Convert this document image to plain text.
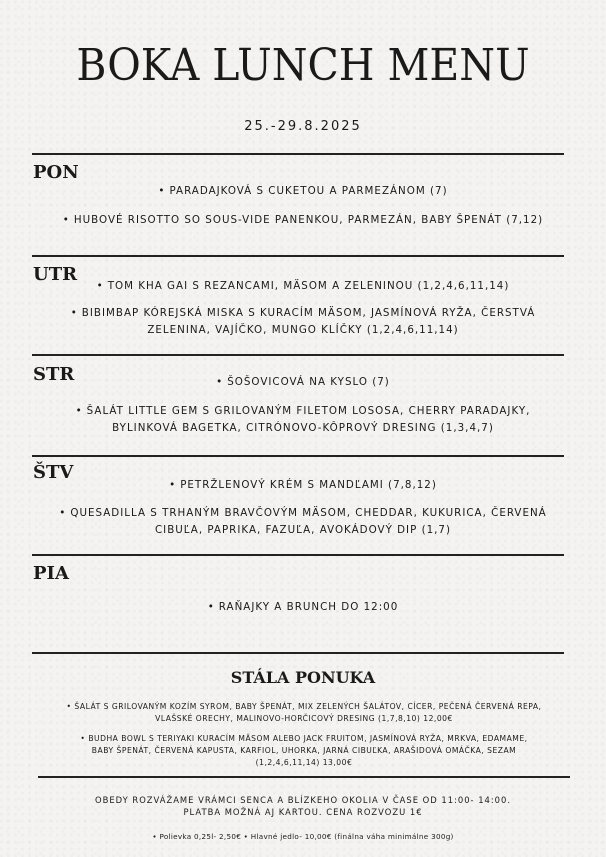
BOKA LUNCH MENU
25.-29.8.2025
PON
• PARADAJKOVÁ S CUKETOU A PARMEZÁNOM (7)
• HUBOVÉ RISOTTO SO SOUS-VIDE PANENKOU, PARMEZÁN, BABY ŠPENÁT (7,12)
UTR
• TOM KHA GAI S REZANCAMI, MÄSOM A ZELENINOU (1,2,4,6,11,14)
• BIBIMBAP KÓREJSKÁ MISKA S KURACÍM MÄSOM, JASMÍNOVÁ RYŽA, ČERSTVÁ
ZELENINA, VAJÍČKO, MUNGO KLÍČKY (1,2,4,6,11,14)
STR	• ŠOŠOVICOVÁ NA KYSLO (7)
• ŠALÁT LITTLE GEM S GRILOVANÝM FILETOM LOSOSA, CHERRY PARADAJKY,
BYLINKOVÁ BAGETKA, CITRÓNOVO-KÔPROVÝ DRESING (1,3,4,7)
ŠTV
• PETRŽLENOVÝ KRÉM S MANDĽAMI (7,8,12)
• QUESADILLA S TRHANÝM BRAVČOVÝM MÄSOM, CHEDDAR, KUKURICA, ČERVENÁ
CIBUĽA, PAPRIKA, FAZUĽA, AVOKÁDOVÝ DIP (1,7)
PIA
• RAŇAJKY A BRUNCH DO 12:00
STÁLA PONUKA
• ŠALÁT S GRILOVANÝM KOZÍM SYROM, BABY ŠPENÁT, MIX ZELENÝCH ŠALÁTOV, CÍCER, PEČENÁ ČERVENÁ REPA,
VLAŠSKÉ ORECHY, MALINOVO-HORČICOVÝ DRESING (1,7,8,10) 12,00€
• BUDHA BOWL S TERIYAKI KURACÍM MÄSOM ALEBO JACK FRUITOM, JASMÍNOVÁ RYŽA, MRKVA, EDAMAME,
BABY ŠPENÁT, ČERVENÁ KAPUSTA, KARFIOL, UHORKA, JARNÁ CIBUĽKA, ARAŠIDOVÁ OMÁČKA, SEZAM
(1,2,4,6,11,14) 13,00€
OBEDY ROZVÁŽAME VRÁMCI SENCA A BLÍZKEHO OKOLIA V ČASE OD 11:00- 14:00.
PLATBA MOŽNÁ AJ KARTOU. CENA ROZVOZU 1€
• Polievka 0,25l- 2,50€ • Hlavné jedlo- 10,00€ (finálna váha minimálne 300g)
